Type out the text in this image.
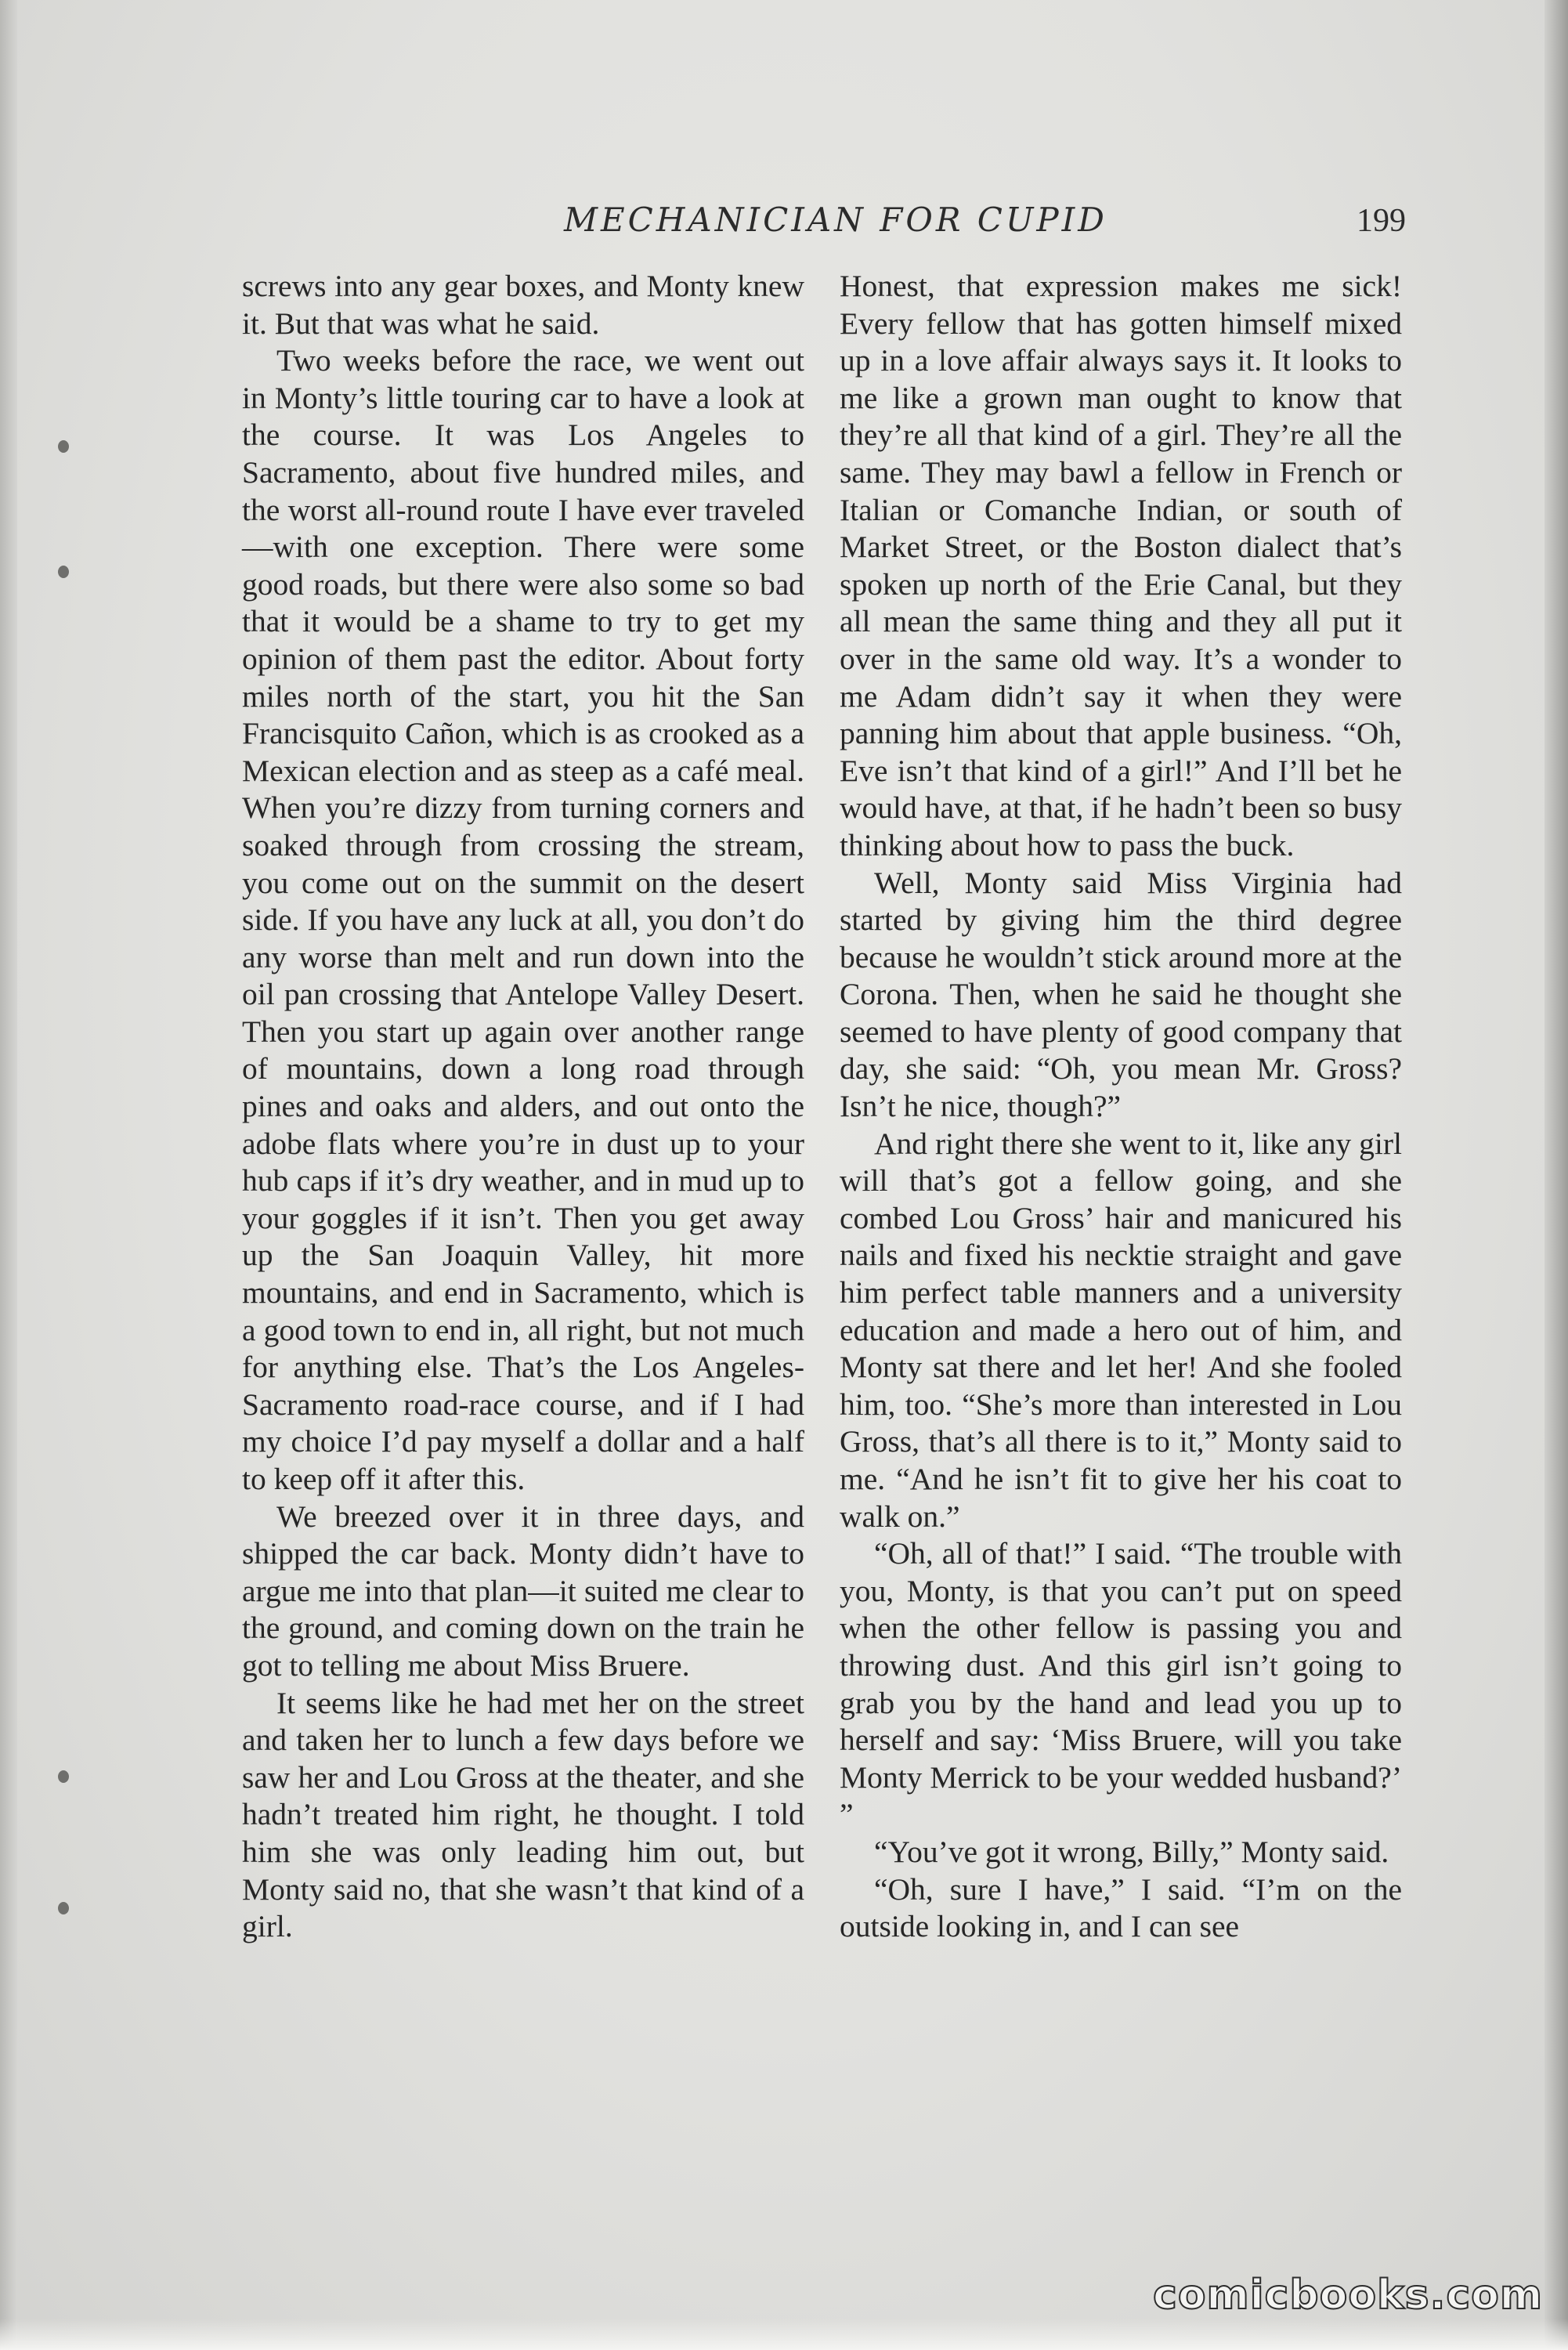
MECHANICIAN FOR CUPID	199

screws into any gear boxes, and Monty knew it. But that was what he said.

Two weeks before the race, we went out in Monty’s little touring car to have a look at the course. It was Los Angeles to Sacramento, about five hundred miles, and the worst all-round route I have ever traveled—with one exception. There were some good roads, but there were also some so bad that it would be a shame to try to get my opinion of them past the editor. About forty miles north of the start, you hit the San Francisquito Cañon, which is as crooked as a Mexican election and as steep as a café meal. When you’re dizzy from turning corners and soaked through from crossing the stream, you come out on the summit on the desert side. If you have any luck at all, you don’t do any worse than melt and run down into the oil pan crossing that Antelope Valley Desert. Then you start up again over another range of mountains, down a long road through pines and oaks and alders, and out onto the adobe flats where you’re in dust up to your hub caps if it’s dry weather, and in mud up to your goggles if it isn’t. Then you get away up the San Joaquin Valley, hit more mountains, and end in Sacramento, which is a good town to end in, all right, but not much for anything else. That’s the Los Angeles-Sacramento road-race course, and if I had my choice I’d pay myself a dollar and a half to keep off it after this.

We breezed over it in three days, and shipped the car back. Monty didn’t have to argue me into that plan—it suited me clear to the ground, and coming down on the train he got to telling me about Miss Bruere.

It seems like he had met her on the street and taken her to lunch a few days before we saw her and Lou Gross at the theater, and she hadn’t treated him right, he thought. I told him she was only leading him out, but Monty said no, that she wasn’t that kind of a girl.

Honest, that expression makes me sick! Every fellow that has gotten himself mixed up in a love affair always says it. It looks to me like a grown man ought to know that they’re all that kind of a girl. They’re all the same. They may bawl a fellow in French or Italian or Comanche Indian, or south of Market Street, or the Boston dialect that’s spoken up north of the Erie Canal, but they all mean the same thing and they all put it over in the same old way. It’s a wonder to me Adam didn’t say it when they were panning him about that apple business. “Oh, Eve isn’t that kind of a girl!” And I’ll bet he would have, at that, if he hadn’t been so busy thinking about how to pass the buck.

Well, Monty said Miss Virginia had started by giving him the third degree because he wouldn’t stick around more at the Corona. Then, when he said he thought she seemed to have plenty of good company that day, she said: “Oh, you mean Mr. Gross? Isn’t he nice, though?”

And right there she went to it, like any girl will that’s got a fellow going, and she combed Lou Gross’ hair and manicured his nails and fixed his necktie straight and gave him perfect table manners and a university education and made a hero out of him, and Monty sat there and let her! And she fooled him, too. “She’s more than interested in Lou Gross, that’s all there is to it,” Monty said to me. “And he isn’t fit to give her his coat to walk on.”

“Oh, all of that!” I said. “The trouble with you, Monty, is that you can’t put on speed when the other fellow is passing you and throwing dust. And this girl isn’t going to grab you by the hand and lead you up to herself and say: ‘Miss Bruere, will you take Monty Merrick to be your wedded husband?’ ”

“You’ve got it wrong, Billy,” Monty said.

“Oh, sure I have,” I said. “I’m on the outside looking in, and I can see

comicbooks.com
